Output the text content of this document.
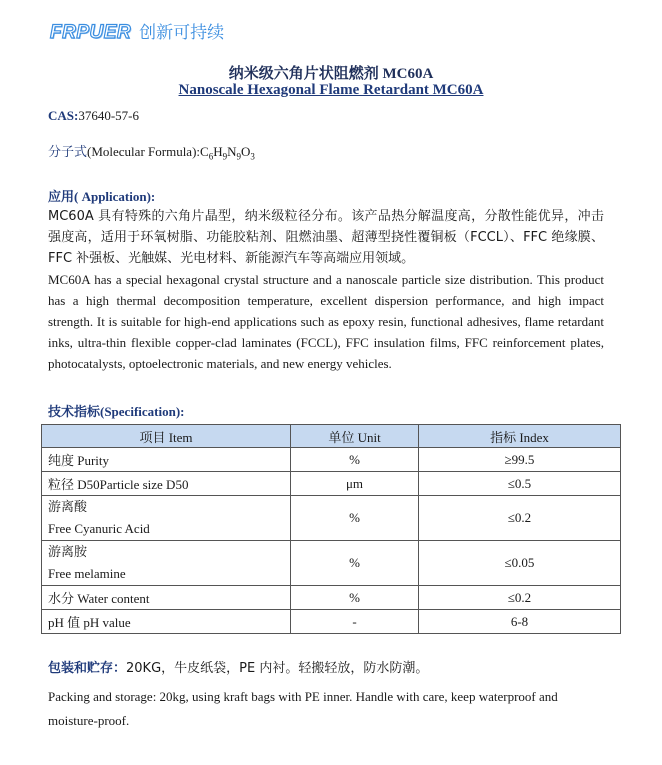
FRPUER 创新可持续
纳米级六角片状阻燃剂 MC60A
Nanoscale Hexagonal Flame Retardant MC60A
CAS:37640-57-6
分子式(Molecular $Formula):C_6H_9N_9O_3$
应用( Application):
MC60A 具有特殊的六角片晶型，纳米级粒径分布。该产品热分解温度高，分散性能优异，冲击强度高，适用于环氧树脂、功能胶粘剂、阻燃油墨、超薄型挠性覆铜板（FCCL）、FFC 绝缘膜、FFC 补强板、光触媒、光电材料、新能源汽车等高端应用领域。
MC60A has a special hexagonal crystal structure and a nanoscale particle size distribution. This product has a high thermal decomposition temperature, excellent dispersion performance, and high impact strength. It is suitable for high-end applications such as epoxy resin, functional adhesives, flame retardant inks, ultra-thin flexible copper-clad laminates (FCCL), FFC insulation films, FFC reinforcement plates, photocatalysts, optoelectronic materials, and new energy vehicles.
技术指标(Specification):
项目 Item	单位 Unit	指标 Index
纯度 Purity	%	≥99.5
粒径 D50Particle size D50	μm	≤0.5

游离酸
Free Cyanuric Acid	%	≤0.2

游离胺
Free melamine	%	≤0.05
水分 Water content	%	≤0.2
pH 值 pH value	-	6-8
包装和贮存：20KG，牛皮纸袋，PE 内衬。轻搬轻放，防水防潮。
Packing and storage: 20kg, using kraft bags with PE inner. Handle with care, keep waterproof and moisture-proof.
